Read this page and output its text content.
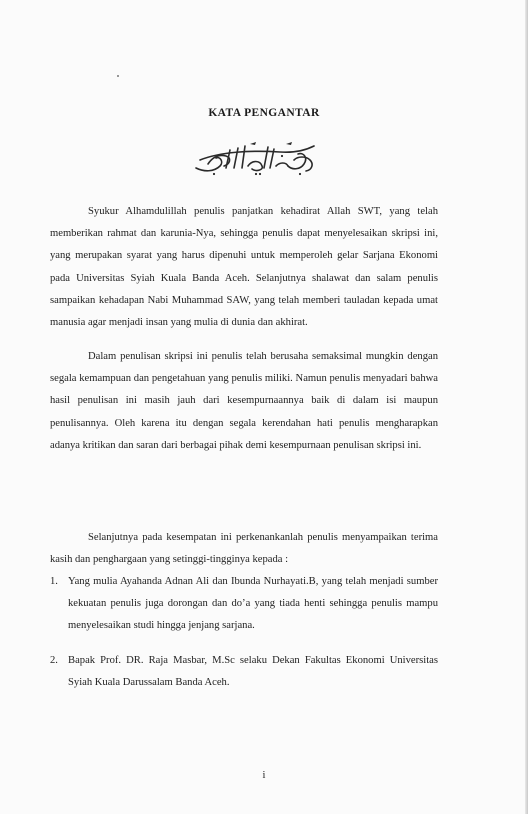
KATA PENGANTAR

Syukur Alhamdulillah penulis panjatkan kehadirat Allah SWT, yang telah memberikan rahmat dan karunia-Nya, sehingga penulis dapat menyelesaikan skripsi ini, yang merupakan syarat yang harus dipenuhi untuk memperoleh gelar Sarjana Ekonomi pada Universitas Syiah Kuala Banda Aceh. Selanjutnya shalawat dan salam penulis sampaikan kehadapan Nabi Muhammad SAW, yang telah memberi tauladan kepada umat manusia agar menjadi insan yang mulia di dunia dan akhirat.

Dalam penulisan skripsi ini penulis telah berusaha semaksimal mungkin dengan segala kemampuan dan pengetahuan yang penulis miliki. Namun penulis menyadari bahwa hasil penulisan ini masih jauh dari kesempurnaannya baik di dalam isi maupun penulisannya. Oleh karena itu dengan segala kerendahan hati penulis mengharapkan adanya kritikan dan saran dari berbagai pihak demi kesempurnaan penulisan skripsi ini.

Selanjutnya pada kesempatan ini perkenankanlah penulis menyampaikan terima kasih dan penghargaan yang setinggi-tingginya kepada :

1. Yang mulia Ayahanda Adnan Ali dan Ibunda Nurhayati.B, yang telah menjadi sumber kekuatan penulis juga dorongan dan do’a yang tiada henti sehingga penulis mampu menyelesaikan studi hingga jenjang sarjana.
2. Bapak Prof. DR. Raja Masbar, M.Sc selaku Dekan Fakultas Ekonomi Universitas Syiah Kuala Darussalam Banda Aceh.
i
